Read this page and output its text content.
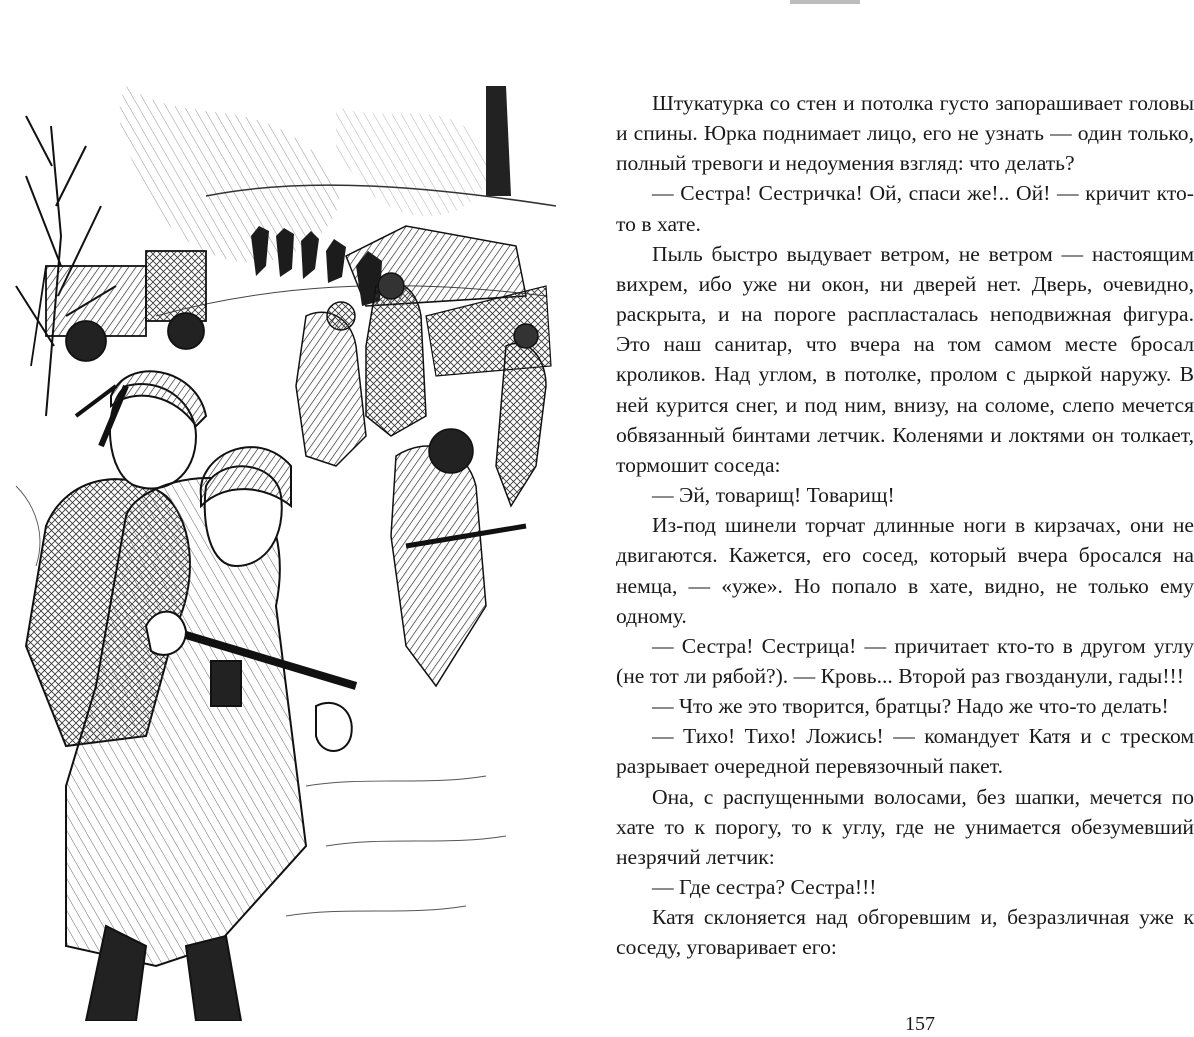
Штукатурка со стен и потолка густо запорашивает головы и спины. Юрка поднимает лицо, его не узнать — один только, полный тревоги и недоумения взгляд: что делать?

— Сестра! Сестричка! Ой, спаси же!.. Ой! — кричит кто-то в хате.

Пыль быстро выдувает ветром, не ветром — настоящим вихрем, ибо уже ни окон, ни дверей нет. Дверь, очевидно, раскрыта, и на пороге распласталась неподвижная фигура. Это наш санитар, что вчера на том самом месте бросал кроликов. Над углом, в потолке, пролом с дыркой наружу. В ней курится снег, и под ним, внизу, на соломе, слепо мечется обвязанный бинтами летчик. Коленями и локтями он толкает, тормошит соседа:

— Эй, товарищ! Товарищ!

Из-под шинели торчат длинные ноги в кирзачах, они не двигаются. Кажется, его сосед, который вчера бросался на немца, — «уже». Но попало в хате, видно, не только ему одному.

— Сестра! Сестрица! — причитает кто-то в другом углу (не тот ли рябой?). — Кровь... Второй раз гвозданули, гады!!!

— Что же это творится, братцы? Надо же что-то делать!

— Тихо! Тихо! Ложись! — командует Катя и с треском разрывает очередной перевязочный пакет.

Она, с распущенными волосами, без шапки, мечется по хате то к порогу, то к углу, где не унимается обезумевший незрячий летчик:

— Где сестра? Сестра!!!

Катя склоняется над обгоревшим и, безразличная уже к соседу, уговаривает его:

157
